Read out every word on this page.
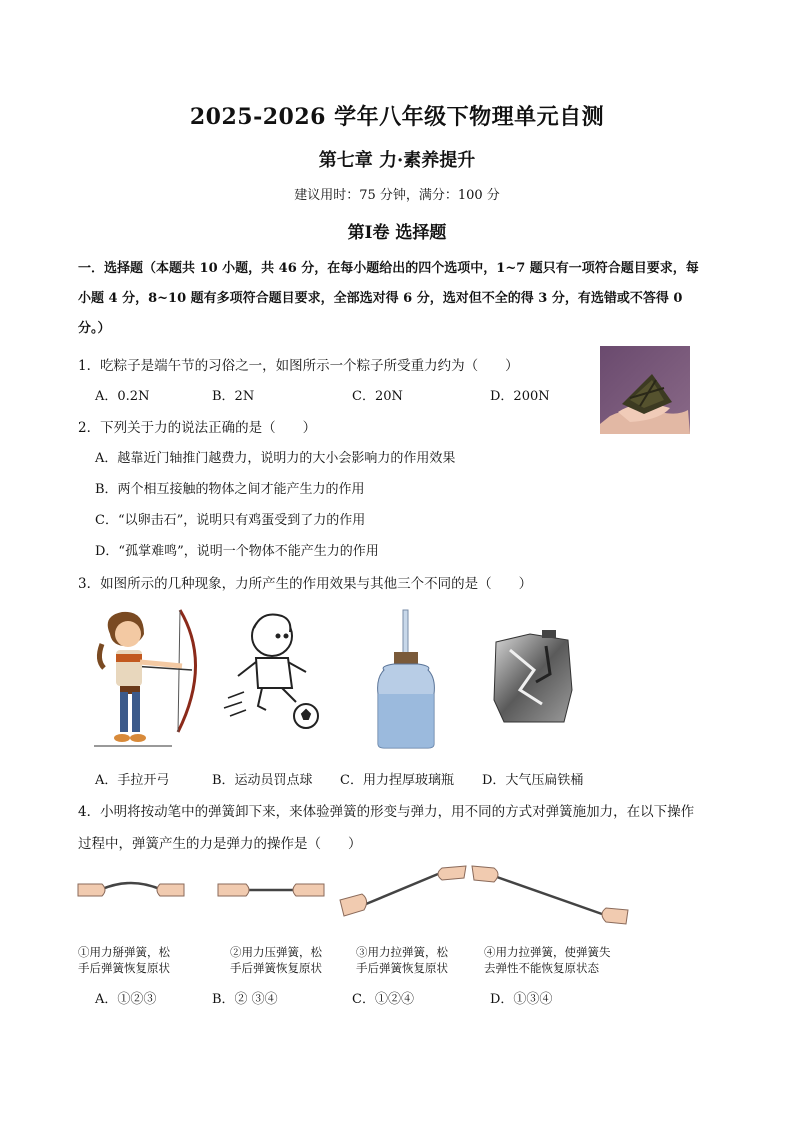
2025-2026 学年八年级下物理单元自测
第七章 力·素养提升
建议用时：75 分钟，满分：100 分
第Ⅰ卷 选择题
一．选择题（本题共 10 小题，共 46 分，在每小题给出的四个选项中，1~7 题只有一项符合题目要求，每
小题 4 分，8~10 题有多项符合题目要求，全部选对得 6 分，选对但不全的得 3 分，有选错或不答得 0
分。）
1．吃粽子是端午节的习俗之一，如图所示一个粽子所受重力约为（　　）
A．0.2N	B．2N	C．20N	D．200N
2．下列关于力的说法正确的是（　　）
A．越靠近门轴推门越费力，说明力的大小会影响力的作用效果
B．两个相互接触的物体之间才能产生力的作用
C．“以卵击石”，说明只有鸡蛋受到了力的作用
D．“孤掌难鸣”，说明一个物体不能产生力的作用
3．如图所示的几种现象，力所产生的作用效果与其他三个不同的是（　　）
A．手拉开弓	B．运动员罚点球 C．用力捏厚玻璃瓶 D．大气压扁铁桶
4．小明将按动笔中的弹簧卸下来，来体验弹簧的形变与弹力，用不同的方式对弹簧施加力，在以下操作
过程中，弹簧产生的力是弹力的操作是（　　）
①用力掰弹簧，松
手后弹簧恢复原状
②用力压弹簧，松
手后弹簧恢复原状
③用力拉弹簧，松
手后弹簧恢复原状
④用力拉弹簧，使弹簧失
去弹性不能恢复原状态
A．①②③	B．② ③④	C．①②④	D．①③④
